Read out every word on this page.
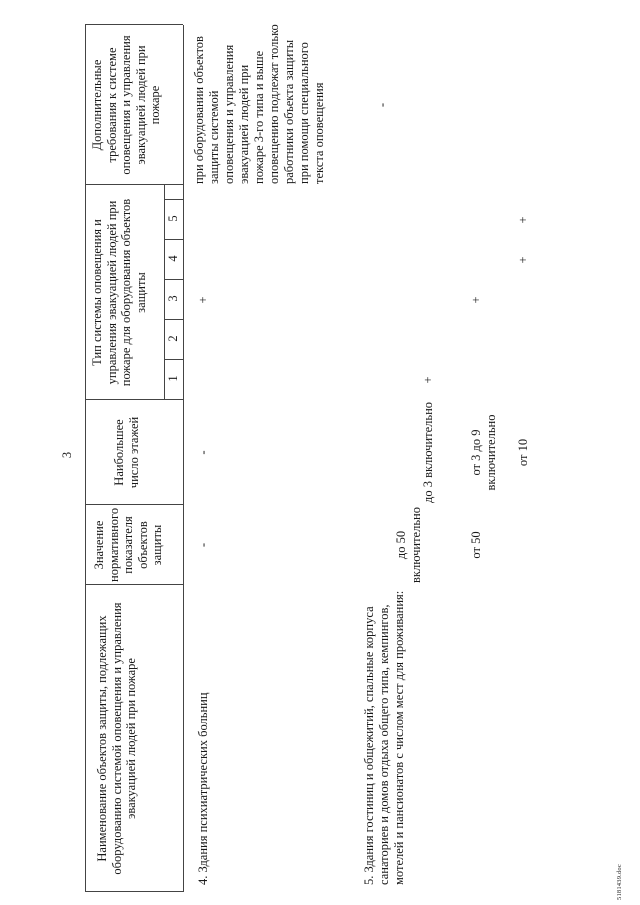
3
5181439.doc
Наименование объектов защиты, подлежащих оборудованию системой оповещения и управления эвакуацией людей при пожаре
Значение нормативного показателя объектов защиты
Наибольшее число этажей
Тип системы оповещения и управления эвакуацией людей при пожаре для оборудования объектов защиты
1
2
3
4
5
Дополнительные требования к системе оповещения и управления эвакуацией людей при пожаре
4. Здания психиатрических больниц
-
-
+
при оборудовании объектов защиты системой оповещения и управления эвакуацией людей при пожаре 3-го типа и выше оповещению подлежат только работники объекта защиты при помощи специального текста оповещения
5. Здания гостиниц и общежитий, спальные корпуса санаториев и домов отдыха общего типа, кемпингов, мотелей и пансионатов с числом мест для проживания:
-
до 50 включительно
до 3 включительно
+
от 50
от 3 до 9 включительно
+
от 10
+
+
